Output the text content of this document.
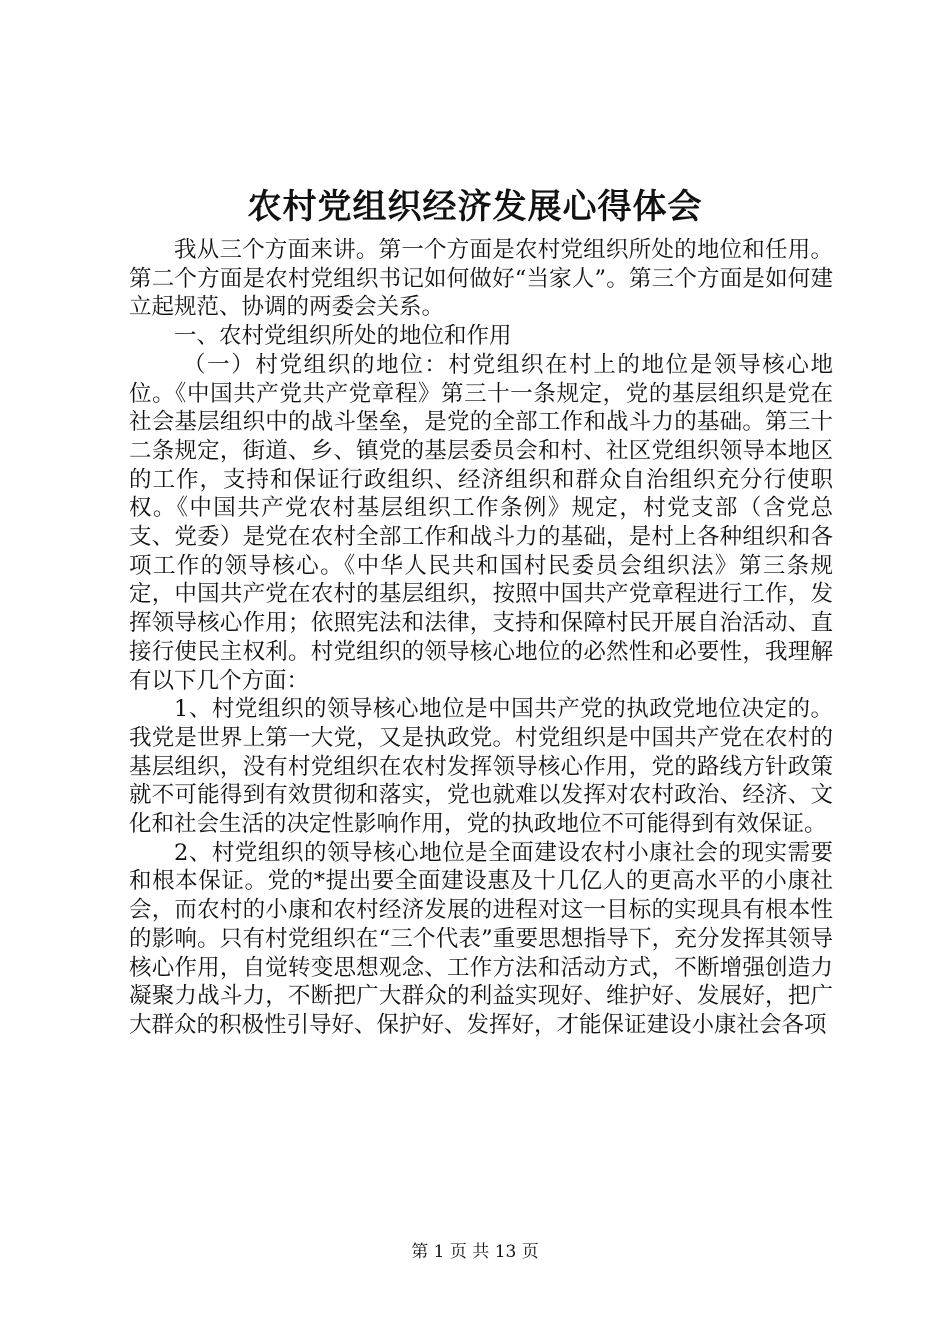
农村党组织经济发展心得体会

我从三个方面来讲。第一个方面是农村党组织所处的地位和任用。第二个方面是农村党组织书记如何做好“当家人”。第三个方面是如何建立起规范、协调的两委会关系。

一、农村党组织所处的地位和作用

（一）村党组织的地位：村党组织在村上的地位是领导核心地位。《中国共产党共产党章程》第三十一条规定，党的基层组织是党在社会基层组织中的战斗堡垒，是党的全部工作和战斗力的基础。第三十二条规定，街道、乡、镇党的基层委员会和村、社区党组织领导本地区的工作，支持和保证行政组织、经济组织和群众自治组织充分行使职权。《中国共产党农村基层组织工作条例》规定，村党支部（含党总支、党委）是党在农村全部工作和战斗力的基础，是村上各种组织和各项工作的领导核心。《中华人民共和国村民委员会组织法》第三条规定，中国共产党在农村的基层组织，按照中国共产党章程进行工作，发挥领导核心作用；依照宪法和法律，支持和保障村民开展自治活动、直接行使民主权利。村党组织的领导核心地位的必然性和必要性，我理解有以下几个方面：

1、村党组织的领导核心地位是中国共产党的执政党地位决定的。我党是世界上第一大党，又是执政党。村党组织是中国共产党在农村的基层组织，没有村党组织在农村发挥领导核心作用，党的路线方针政策就不可能得到有效贯彻和落实，党也就难以发挥对农村政治、经济、文化和社会生活的决定性影响作用，党的执政地位不可能得到有效保证。

2、村党组织的领导核心地位是全面建设农村小康社会的现实需要和根本保证。党的*提出要全面建设惠及十几亿人的更高水平的小康社会，而农村的小康和农村经济发展的进程对这一目标的实现具有根本性的影响。只有村党组织在“三个代表”重要思想指导下，充分发挥其领导核心作用，自觉转变思想观念、工作方法和活动方式，不断增强创造力凝聚力战斗力，不断把广大群众的利益实现好、维护好、发展好，把广大群众的积极性引导好、保护好、发挥好，才能保证建设小康社会各项

第 1 页 共 13 页
